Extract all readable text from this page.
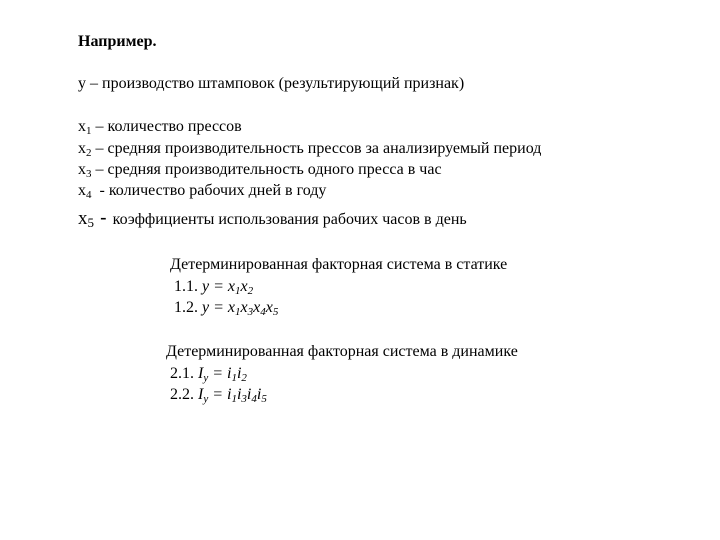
Например.
y – производство штамповок (результирующий признак)
$x_1$ – количество прессов
$x_2$ – средняя производительность прессов за анализируемый период
$x_3$ – средняя производительность одного пресса в час
$x_4$  - количество рабочих дней в году
$x_5$ - коэффициенты использования рабочих часов в день
Детерминированная факторная система в статике
1.1. $y = x_1x_2$
1.2. $y = x_1x_3x_4x_5$
Детерминированная факторная система в динамике
2.1. $I_y = i_1i_2$
2.2. $I_y = i_1i_3i_4i_5$
